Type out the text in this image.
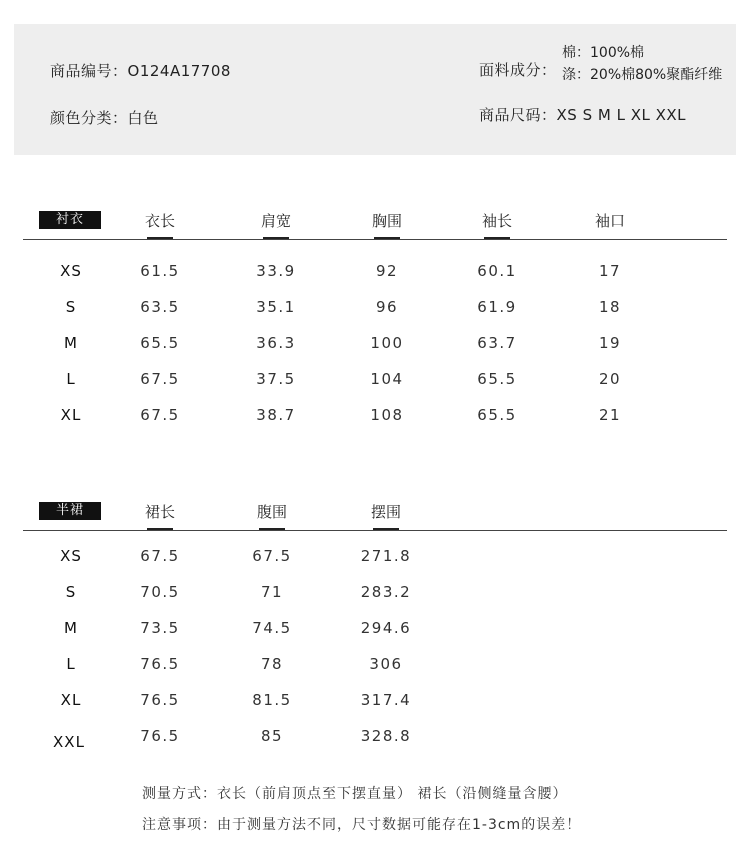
商品编号：O124A17708
颜色分类：白色
面料成分：
棉：100%棉
涤：20%棉80%聚酯纤维
商品尺码：XS S M L XL XXL
衬衣	衣长	肩宽	胸围	袖长	袖口
XS	61.5	33.9	92	60.1	17
S	63.5	35.1	96	61.9	18
M	65.5	36.3	100	63.7	19
L	67.5	37.5	104	65.5	20
XL	67.5	38.7	108	65.5	21
半裙	裙长	腹围	摆围
XS	67.5	67.5	271.8
S	70.5	71	283.2
M	73.5	74.5	294.6
L	76.5	78	306
XL	76.5	81.5	317.4
XXL	76.5	85	328.8
测量方式：衣长（前肩顶点至下摆直量） 裙长（沿侧缝量含腰）
注意事项：由于测量方法不同，尺寸数据可能存在1-3cm的误差！
